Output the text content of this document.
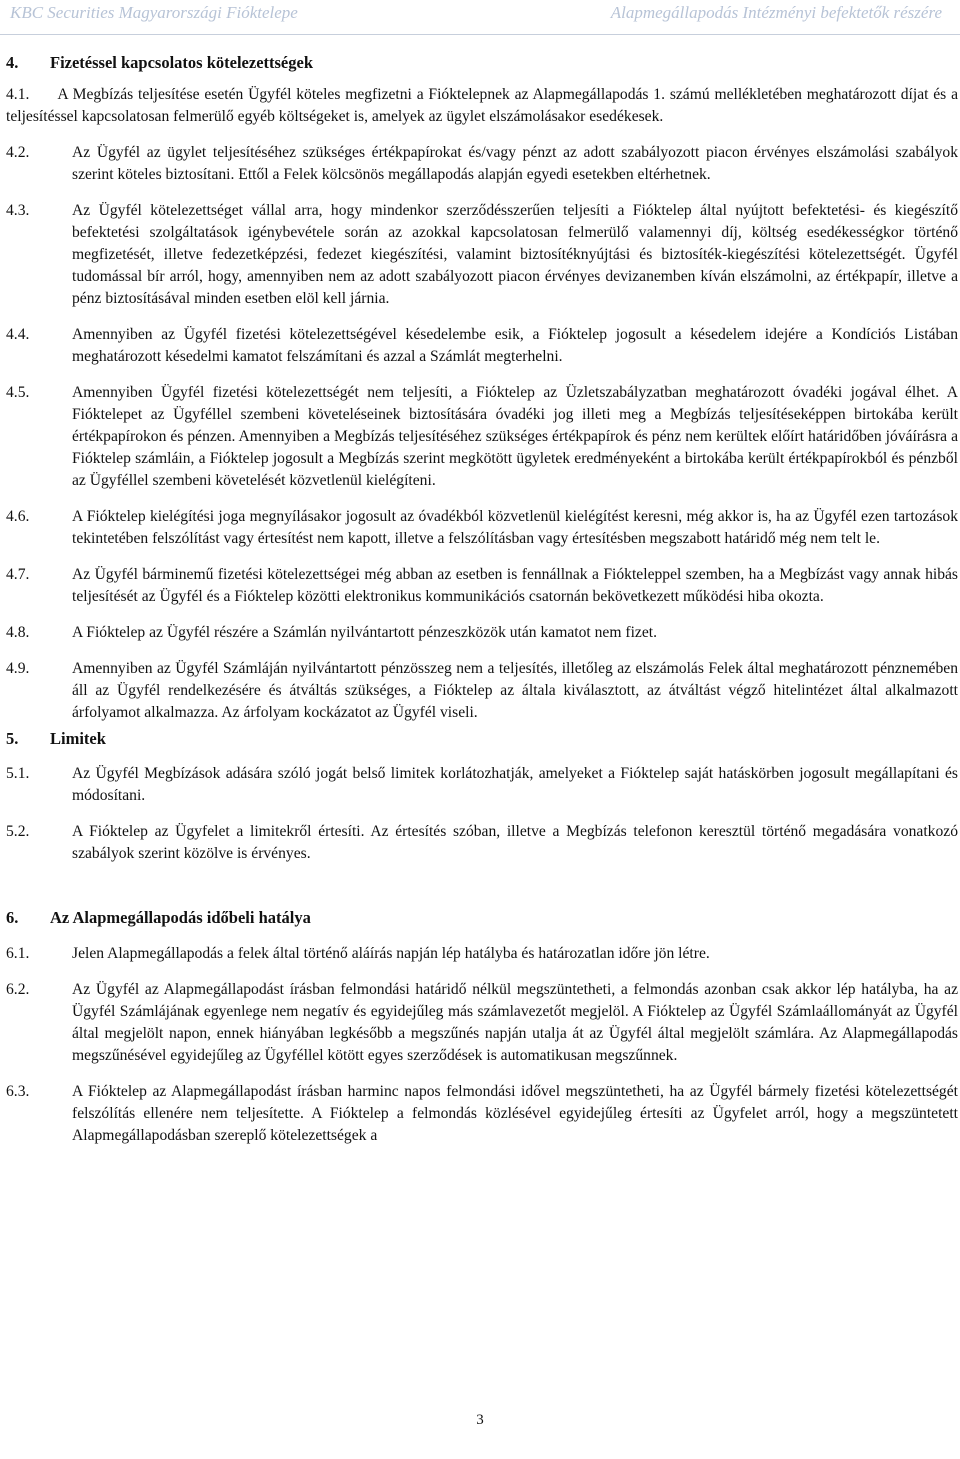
KBC Securities Magyarországi Fióktelepe	Alapmegállapodás Intézményi befektetők részére
4.	Fizetéssel kapcsolatos kötelezettségek
4.1. A Megbízás teljesítése esetén Ügyfél köteles megfizetni a Fióktelepnek az Alapmegállapodás 1. számú mellékletében meghatározott díjat és a teljesítéssel kapcsolatosan felmerülő egyéb költségeket is, amelyek az ügylet elszámolásakor esedékesek.
4.2.	Az Ügyfél az ügylet teljesítéséhez szükséges értékpapírokat és/vagy pénzt az adott szabályozott piacon érvényes elszámolási szabályok szerint köteles biztosítani. Ettől a Felek kölcsönös megállapodás alapján egyedi esetekben eltérhetnek.
4.3.	Az Ügyfél kötelezettséget vállal arra, hogy mindenkor szerződésszerűen teljesíti a Fióktelep által nyújtott befektetési- és kiegészítő befektetési szolgáltatások igénybevétele során az azokkal kapcsolatosan felmerülő valamennyi díj, költség esedékességkor történő megfizetését, illetve fedezetképzési, fedezet kiegészítési, valamint biztosítéknyújtási és biztosíték-kiegészítési kötelezettségét. Ügyfél tudomással bír arról, hogy, amennyiben nem az adott szabályozott piacon érvényes devizanemben kíván elszámolni, az értékpapír, illetve a pénz biztosításával minden esetben elöl kell járnia.
4.4.	Amennyiben az Ügyfél fizetési kötelezettségével késedelembe esik, a Fióktelep jogosult a késedelem idejére a Kondíciós Listában meghatározott késedelmi kamatot felszámítani és azzal a Számlát megterhelni.
4.5.	Amennyiben Ügyfél fizetési kötelezettségét nem teljesíti, a Fióktelep az Üzletszabályzatban meghatározott óvadéki jogával élhet. A Fióktelepet az Ügyféllel szembeni követeléseinek biztosítására óvadéki jog illeti meg a Megbízás teljesítéseképpen birtokába került értékpapírokon és pénzen. Amennyiben a Megbízás teljesítéséhez szükséges értékpapírok és pénz nem kerültek előírt határidőben jóváírásra a Fióktelep számláin, a Fióktelep jogosult a Megbízás szerint megkötött ügyletek eredményeként a birtokába került értékpapírokból és pénzből az Ügyféllel szembeni követelését közvetlenül kielégíteni.
4.6.	A Fióktelep kielégítési joga megnyílásakor jogosult az óvadékból közvetlenül kielégítést keresni, még akkor is, ha az Ügyfél ezen tartozások tekintetében felszólítást vagy értesítést nem kapott, illetve a felszólításban vagy értesítésben megszabott határidő még nem telt le.
4.7.	Az Ügyfél bárminemű fizetési kötelezettségei még abban az esetben is fennállnak a Fiókteleppel szemben, ha a Megbízást vagy annak hibás teljesítését az Ügyfél és a Fióktelep közötti elektronikus kommunikációs csatornán bekövetkezett működési hiba okozta.
4.8.	A Fióktelep az Ügyfél részére a Számlán nyilvántartott pénzeszközök után kamatot nem fizet.
4.9.	Amennyiben az Ügyfél Számláján nyilvántartott pénzösszeg nem a teljesítés, illetőleg az elszámolás Felek által meghatározott pénznemében áll az Ügyfél rendelkezésére és átváltás szükséges, a Fióktelep az általa kiválasztott, az átváltást végző hitelintézet által alkalmazott árfolyamot alkalmazza. Az árfolyam kockázatot az Ügyfél viseli.
5.	Limitek
5.1.	Az Ügyfél Megbízások adására szóló jogát belső limitek korlátozhatják, amelyeket a Fióktelep saját hatáskörben jogosult megállapítani és módosítani.
5.2.	A Fióktelep az Ügyfelet a limitekről értesíti. Az értesítés szóban, illetve a Megbízás telefonon keresztül történő megadására vonatkozó szabályok szerint közölve is érvényes.
6.	Az Alapmegállapodás időbeli hatálya
6.1.	Jelen Alapmegállapodás a felek által történő aláírás napján lép hatályba és határozatlan időre jön létre.
6.2.	Az Ügyfél az Alapmegállapodást írásban felmondási határidő nélkül megszüntetheti, a felmondás azonban csak akkor lép hatályba, ha az Ügyfél Számlájának egyenlege nem negatív és egyidejűleg más számlavezetőt megjelöl. A Fióktelep az Ügyfél Számlaállományát az Ügyfél által megjelölt napon, ennek hiányában legkésőbb a megszűnés napján utalja át az Ügyfél által megjelölt számlára. Az Alapmegállapodás megszűnésével egyidejűleg az Ügyféllel kötött egyes szerződések is automatikusan megszűnnek.
6.3.	A Fióktelep az Alapmegállapodást írásban harminc napos felmondási idővel megszüntetheti, ha az Ügyfél bármely fizetési kötelezettségét felszólítás ellenére nem teljesítette. A Fióktelep a felmondás közlésével egyidejűleg értesíti az Ügyfelet arról, hogy a megszüntetett Alapmegállapodásban szereplő kötelezettségek a
3
